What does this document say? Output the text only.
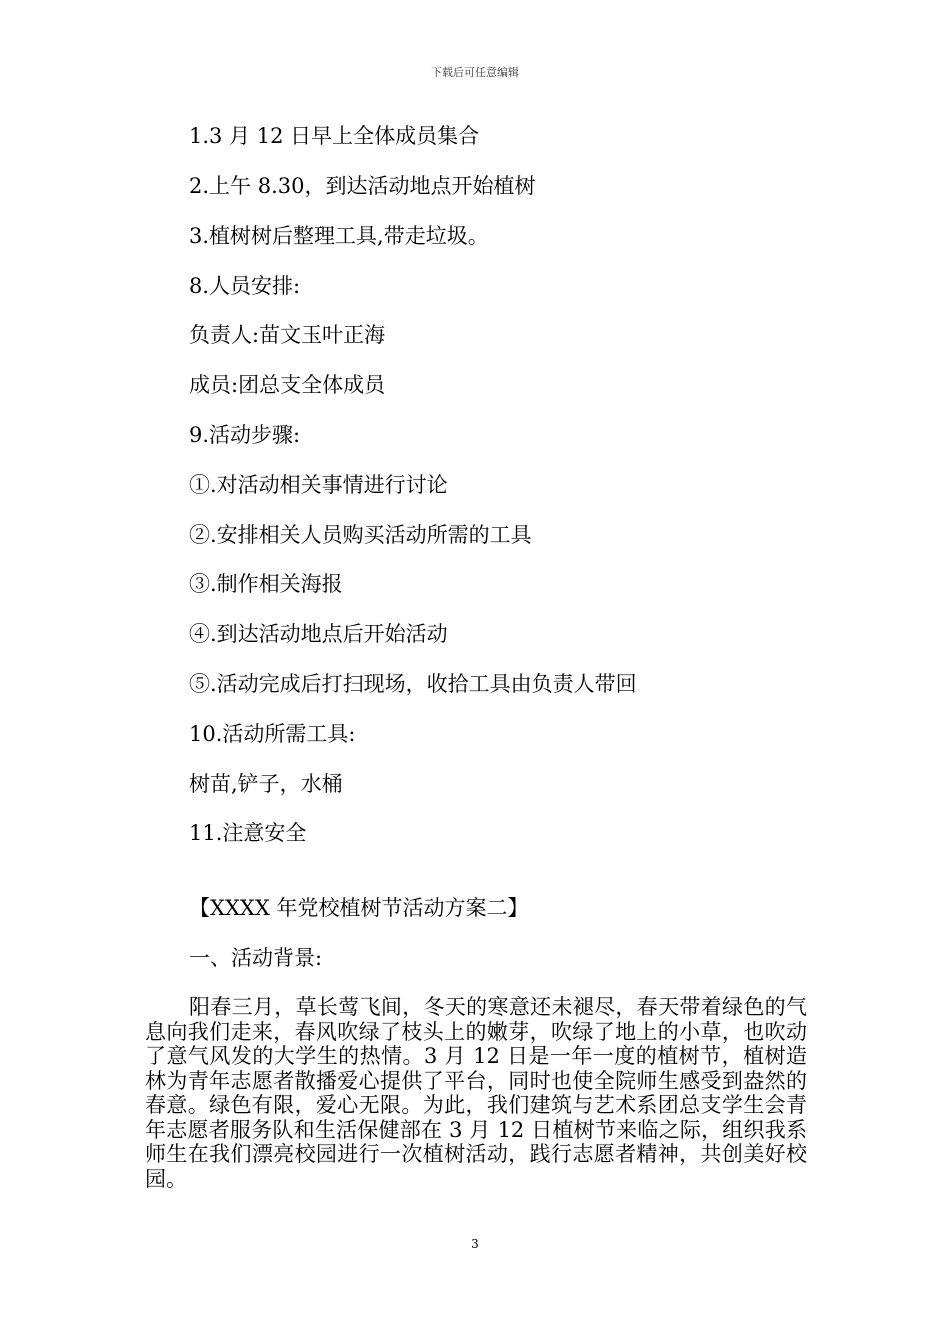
下载后可任意编辑
1.3 月 12 日早上全体成员集合
2.上午 8.30，到达活动地点开始植树
3.植树树后整理工具,带走垃圾。
8.人员安排:
负责人:苗文玉叶正海
成员:团总支全体成员
9.活动步骤:
①.对活动相关事情进行讨论
②.安排相关人员购买活动所需的工具
③.制作相关海报
④.到达活动地点后开始活动
⑤.活动完成后打扫现场，收拾工具由负责人带回
10.活动所需工具:
树苗,铲子，水桶
11.注意安全
【XXXX 年党校植树节活动方案二】
一、活动背景:

阳春三月，草长莺飞间，冬天的寒意还未褪尽，春天带着绿色的气息向我们走来，春风吹绿了枝头上的嫩芽，吹绿了地上的小草，也吹动了意气风发的大学生的热情。3 月 12 日是一年一度的植树节，植树造林为青年志愿者散播爱心提供了平台，同时也使全院师生感受到盎然的春意。绿色有限，爱心无限。为此，我们建筑与艺术系团总支学生会青年志愿者服务队和生活保健部在 3 月 12 日植树节来临之际，组织我系师生在我们漂亮校园进行一次植树活动，践行志愿者精神，共创美好校园。

3
